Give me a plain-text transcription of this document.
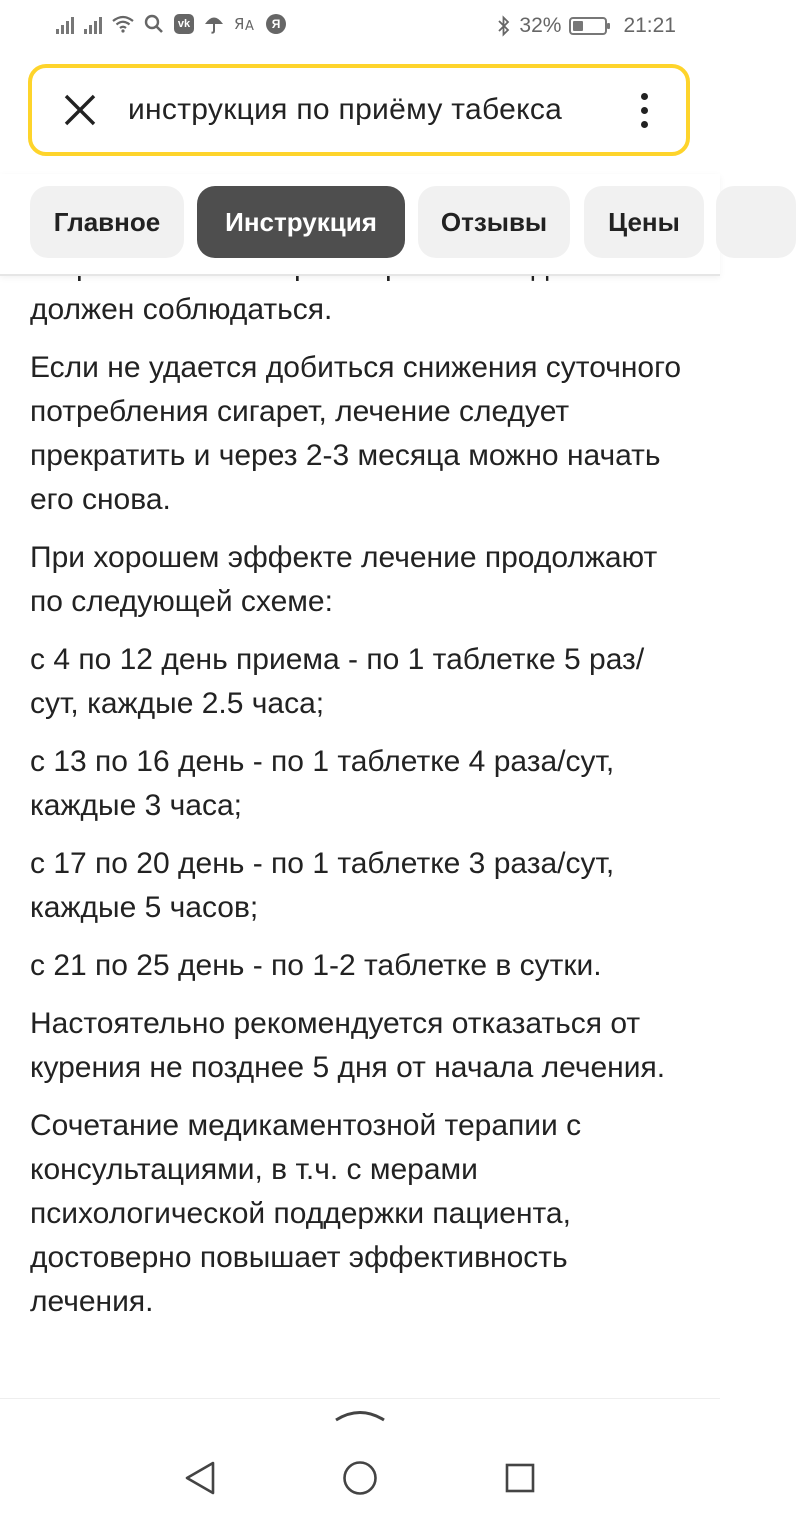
vk	Я A	Я	32%	21:21
инструкция по приёму табекса
Главное	Инструкция	Отзывы	Цены

должен соблюдаться.

Если не удается добиться снижения суточного потребления сигарет, лечение следует прекратить и через 2-3 месяца можно начать его снова.

При хорошем эффекте лечение продолжают по следующей схеме:

с 4 по 12 день приема - по 1 таблетке 5 раз/сут, каждые 2.5 часа;

с 13 по 16 день - по 1 таблетке 4 раза/сут, каждые 3 часа;

с 17 по 20 день - по 1 таблетке 3 раза/сут, каждые 5 часов;

с 21 по 25 день - по 1-2 таблетке в сутки.

Настоятельно рекомендуется отказаться от курения не позднее 5 дня от начала лечения.

Сочетание медикаментозной терапии с консультациями, в т.ч. с мерами психологической поддержки пациента, достоверно повышает эффективность лечения.
